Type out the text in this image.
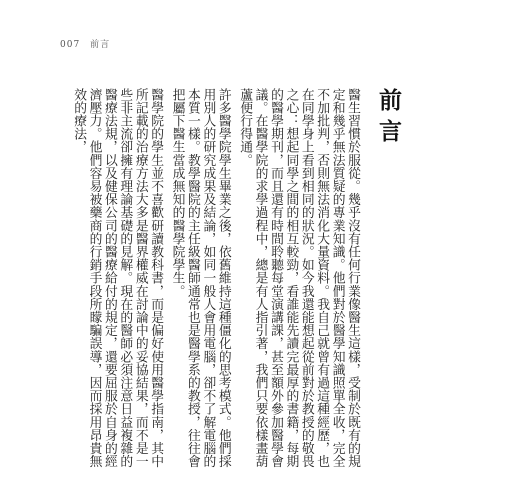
007 前言
前言

醫生習慣於服從。幾乎沒有任何行業像醫生這樣，受制於既有的規定和幾乎無法質疑的專業知識。他們對於醫學知識照單全收，完全不加批判，否則無法消化大量資料。我自己就曾有過這種經歷，也在同學身上看到相同的狀況。如今我還能想起從前對於教授的敬畏之心：想起同學之間的相互較勁，看誰能先讀完最厚的書籍，每期的醫學期刊，而且還有時間聆聽每堂演講課，甚至額外參加醫學會議。在醫學院的求學過程中，總是有人指引著，我們只要依樣畫葫蘆便行得通。

許多醫學院學生畢業之後，依舊維持這種僵化的思考模式。他們採用別人的研究成果及結論，如同一般人會用電腦，卻不了解電腦的本質一樣。教學醫院的主任級醫師通常也是醫學系的教授，往往會把屬下醫生當成無知的醫學院學生。

醫學院的學生並不喜歡研讀教科書，而是偏好使用醫學指南，其中所記載的治療方法大多是醫界權威在討論中的妥協結果，而不是一些非主流卻擁有理論基礎的見解。現在的醫師必須注意日益複雜的醫療法規，以及健保公司的醫療給付的規定，還要屈服於自身的經濟壓力。他們容易被藥商的行銷手段所矇騙誤導，因而採用昂貴無效的療法，
